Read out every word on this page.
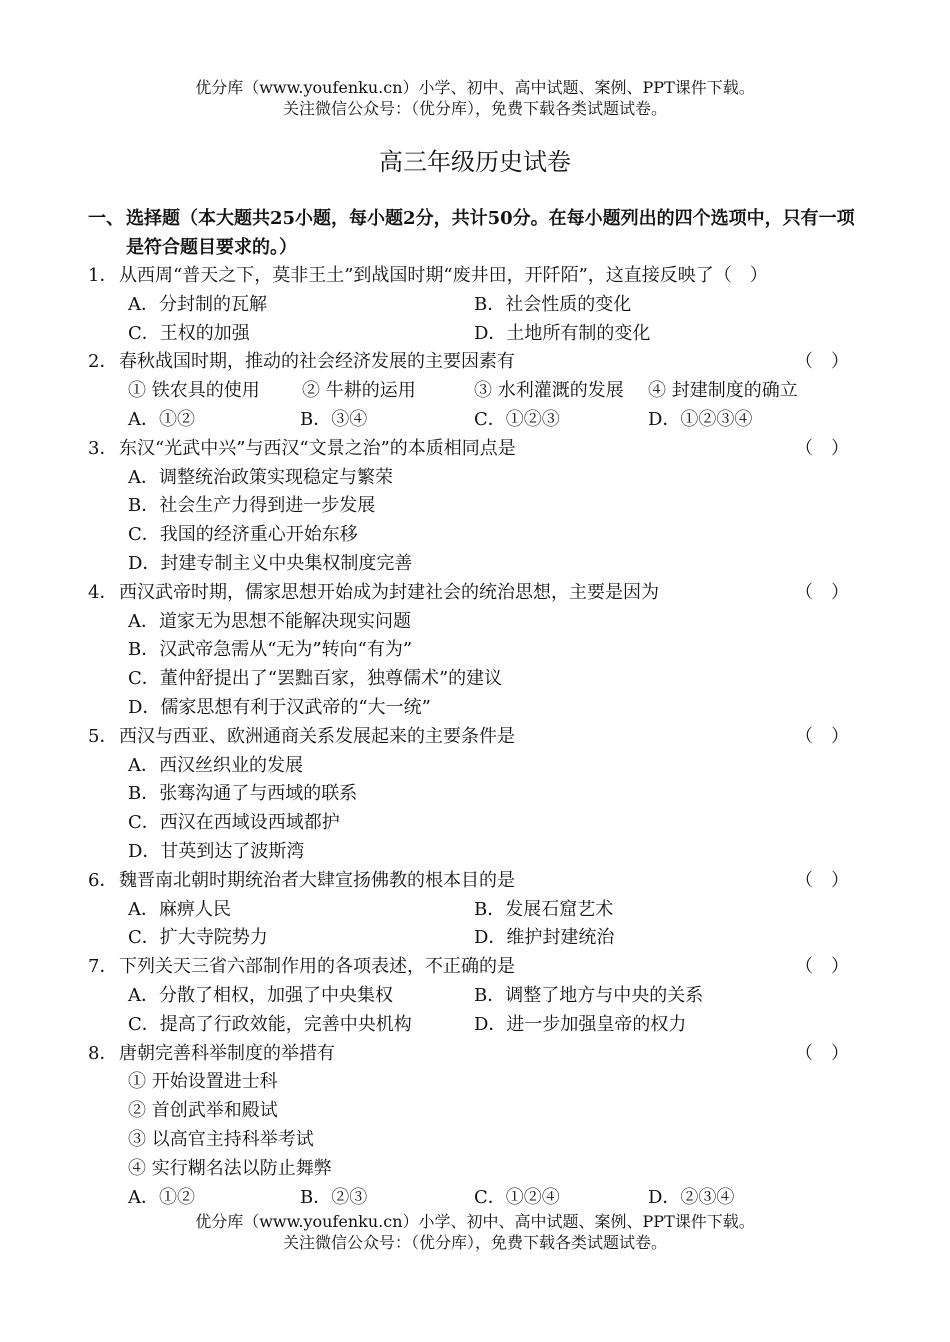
优分库（www.youfenku.cn）小学、初中、高中试题、案例、PPT课件下载。
关注微信公众号：（优分库），免费下载各类试题试卷。
高三年级历史试卷
一、 选择题（本大题共25小题，每小题2分，共计50分。在每小题列出的四个选项中，只有一项是符合题目要求的。）
1． 从西周“普天之下，莫非王土”到战国时期“废井田，开阡陌”，这直接反映了（　）
A．分封制的瓦解	B．社会性质的变化
C．王权的加强	D．土地所有制的变化
2． 春秋战国时期，推动的社会经济发展的主要因素有	（　）
① 铁农具的使用 ② 牛耕的运用	③ 水利灌溉的发展 ④ 封建制度的确立
A．①②	B．③④	C．①②③	D．①②③④
3． 东汉“光武中兴”与西汉“文景之治”的本质相同点是	（　）
A．调整统治政策实现稳定与繁荣
B．社会生产力得到进一步发展
C．我国的经济重心开始东移
D．封建专制主义中央集权制度完善
4． 西汉武帝时期，儒家思想开始成为封建社会的统治思想，主要是因为	（　）
A．道家无为思想不能解决现实问题
B．汉武帝急需从“无为”转向“有为”
C．董仲舒提出了“罢黜百家，独尊儒术”的建议
D．儒家思想有利于汉武帝的“大一统”
5． 西汉与西亚、欧洲通商关系发展起来的主要条件是	（　）
A．西汉丝织业的发展
B．张骞沟通了与西域的联系
C．西汉在西域设西域都护
D．甘英到达了波斯湾
6． 魏晋南北朝时期统治者大肆宣扬佛教的根本目的是	（　）
A．麻痹人民	B．发展石窟艺术
C．扩大寺院势力	D．维护封建统治
7． 下列关天三省六部制作用的各项表述，不正确的是	（　）
A．分散了相权，加强了中央集权	B．调整了地方与中央的关系
C．提高了行政效能，完善中央机构	D．进一步加强皇帝的权力
8． 唐朝完善科举制度的举措有	（　）
① 开始设置进士科
② 首创武举和殿试
③ 以高官主持科举考试
④ 实行糊名法以防止舞弊
A．①②	B．②③	C．①②④	D．②③④
优分库（www.youfenku.cn）小学、初中、高中试题、案例、PPT课件下载。
关注微信公众号：（优分库），免费下载各类试题试卷。
